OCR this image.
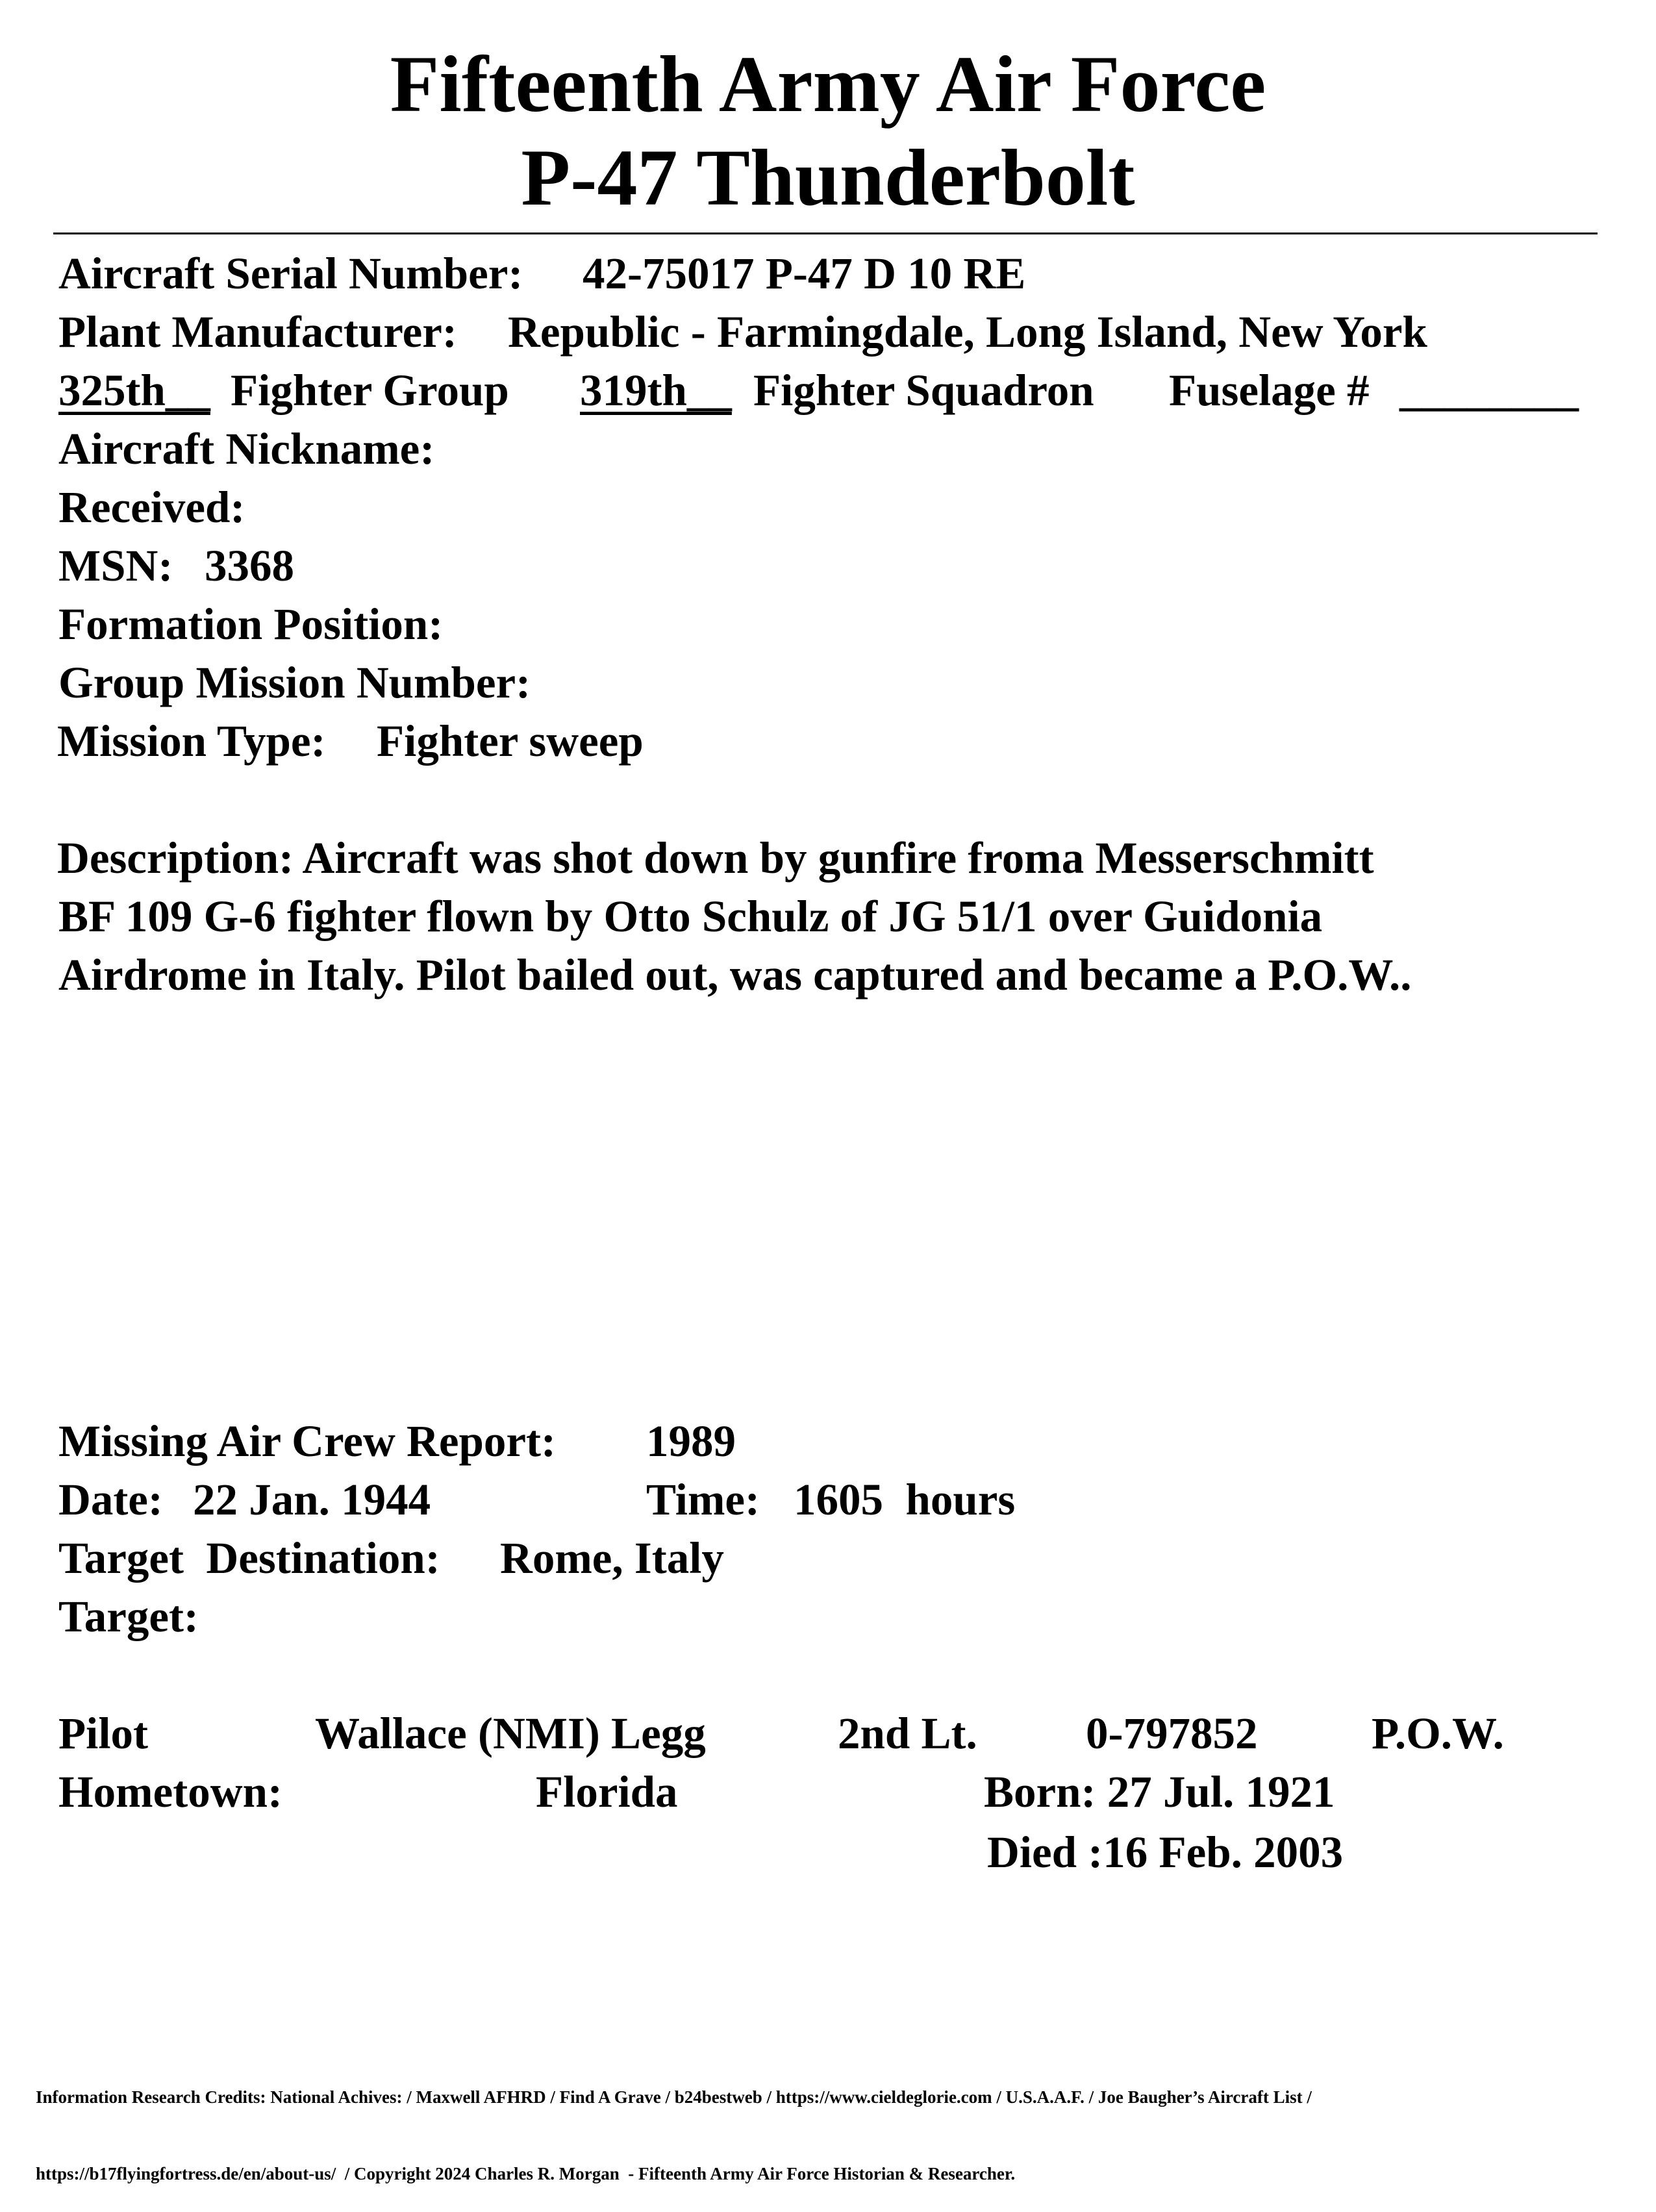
Fifteenth Army Air Force
P-47 Thunderbolt
Aircraft Serial Number: 42-75017 P-47 D 10 RE
Plant Manufacturer: Republic - Farmingdale, Long Island, New York
325th__ Fighter Group 319th__ Fighter Squadron Fuselage # ________
Aircraft Nickname:
Received:
MSN: 3368
Formation Position:
Group Mission Number:
Mission Type: Fighter sweep
Description: Aircraft was shot down by gunfire froma Messerschmitt
BF 109 G-6 fighter flown by Otto Schulz of JG 51/1 over Guidonia
Airdrome in Italy. Pilot bailed out, was captured and became a P.O.W..
Missing Air Crew Report: 1989
Date: 22 Jan. 1944	Time: 1605  hours
Target  Destination: Rome, Italy
Target:
Pilot	Wallace (NMI) Legg	2nd Lt. 0-797852	P.O.W.
Hometown:	Florida	Born: 27 Jul. 1921
Died :16 Feb. 2003

Information Research Credits: National Achives: / Maxwell AFHRD / Find A Grave / b24bestweb / https://www.cieldeglorie.com / U.S.A.A.F. / Joe Baugher’s Aircraft List /

https://b17flyingfortress.de/en/about-us/  / Copyright 2024 Charles R. Morgan  - Fifteenth Army Air Force Historian & Researcher.
